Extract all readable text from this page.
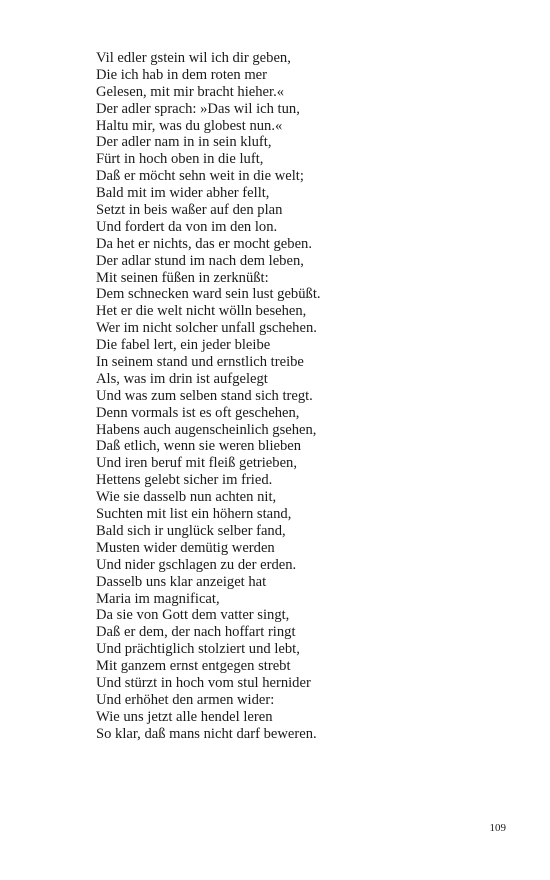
Vil edler gstein wil ich dir geben,
Die ich hab in dem roten mer
Gelesen, mit mir bracht hieher.«
Der adler sprach: »Das wil ich tun,
Haltu mir, was du globest nun.«
Der adler nam in in sein kluft,
Fürt in hoch oben in die luft,
Daß er möcht sehn weit in die welt;
Bald mit im wider abher fellt,
Setzt in beis waßer auf den plan
Und fordert da von im den lon.
Da het er nichts, das er mocht geben.
Der adlar stund im nach dem leben,
Mit seinen füßen in zerknüßt:
Dem schnecken ward sein lust gebüßt.
Het er die welt nicht wölln besehen,
Wer im nicht solcher unfall gschehen.
Die fabel lert, ein jeder bleibe
In seinem stand und ernstlich treibe
Als, was im drin ist aufgelegt
Und was zum selben stand sich tregt.
Denn vormals ist es oft geschehen,
Habens auch augenscheinlich gsehen,
Daß etlich, wenn sie weren blieben
Und iren beruf mit fleiß getrieben,
Hettens gelebt sicher im fried.
Wie sie dasselb nun achten nit,
Suchten mit list ein höhern stand,
Bald sich ir unglück selber fand,
Musten wider demütig werden
Und nider gschlagen zu der erden.
Dasselb uns klar anzeiget hat
Maria im magnificat,
Da sie von Gott dem vatter singt,
Daß er dem, der nach hoffart ringt
Und prächtiglich stolziert und lebt,
Mit ganzem ernst entgegen strebt
Und stürzt in hoch vom stul hernider
Und erhöhet den armen wider:
Wie uns jetzt alle hendel leren
So klar, daß mans nicht darf beweren.
109
